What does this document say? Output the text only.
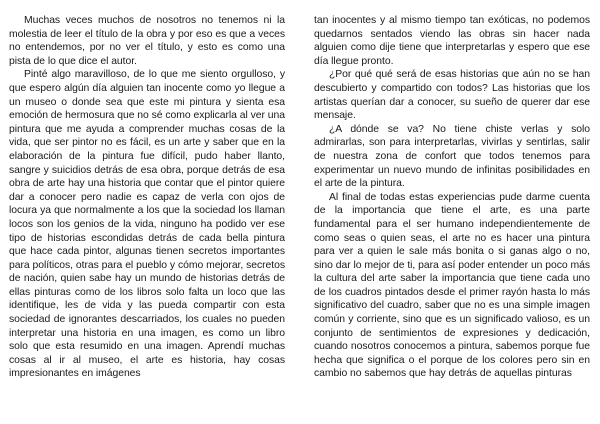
Muchas veces muchos de nosotros no tenemos ni la molestia de leer el título de la obra y por eso es que a veces no entendemos, por no ver el título, y esto es como una pista de lo que dice el autor.

Pinté algo maravilloso, de lo que me siento orgulloso, y que espero algún día alguien tan inocente como yo llegue a un museo o donde sea que este mi pintura y sienta esa emoción de hermosura que no sé como explicarla al ver una pintura que me ayuda a comprender muchas cosas de la vida, que ser pintor no es fácil, es un arte y saber que en la elaboración de la pintura fue difícil, pudo haber llanto, sangre y suicidios detrás de esa obra, porque detrás de esa obra de arte hay una historia que contar que el pintor quiere dar a conocer pero nadie es capaz de verla con ojos de locura ya que normalmente a los que la sociedad los llaman locos son los genios de la vida, ninguno ha podido ver ese tipo de historias escondidas detrás de cada bella pintura que hace cada pintor, algunas tienen secretos importantes para políticos, otras para el pueblo y cómo mejorar, secretos de nación, quien sabe hay un mundo de historias detrás de ellas pinturas como de los libros solo falta un loco que las identifique, les de vida y las pueda compartir con esta sociedad de ignorantes descarriados, los cuales no pueden interpretar una historia en una imagen, es como un libro solo que esta resumido en una imagen. Aprendí muchas cosas al ir al museo, el arte es historia, hay cosas impresionantes en imágenes

tan inocentes y al mismo tiempo tan exóticas, no podemos quedarnos sentados viendo las obras sin hacer nada alguien como dije tiene que interpretarlas y espero que ese día llegue pronto.

¿Por qué qué será de esas historias que aún no se han descubierto y compartido con todos? Las historias que los artistas querían dar a conocer, su sueño de querer dar ese mensaje.

¿A dónde se va? No tiene chiste verlas y solo admirarlas, son para interpretarlas, vivirlas y sentirlas, salir de nuestra zona de confort que todos tenemos para experimentar un nuevo mundo de infinitas posibilidades en el arte de la pintura.

Al final de todas estas experiencias pude darme cuenta de la importancia que tiene el arte, es una parte fundamental para el ser humano independientemente de como seas o quien seas, el arte no es hacer una pintura para ver a quien le sale más bonita o si ganas algo o no, sino dar lo mejor de ti, para así poder entender un poco más la cultura del arte saber la importancia que tiene cada uno de los cuadros pintados desde el primer rayón hasta lo más significativo del cuadro, saber que no es una simple imagen común y corriente, sino que es un significado valioso, es un conjunto de sentimientos de expresiones y dedicación, cuando nosotros conocemos a pintura, sabemos porque fue hecha que significa o el porque de los colores pero sin en cambio no sabemos que hay detrás de aquellas pinturas
